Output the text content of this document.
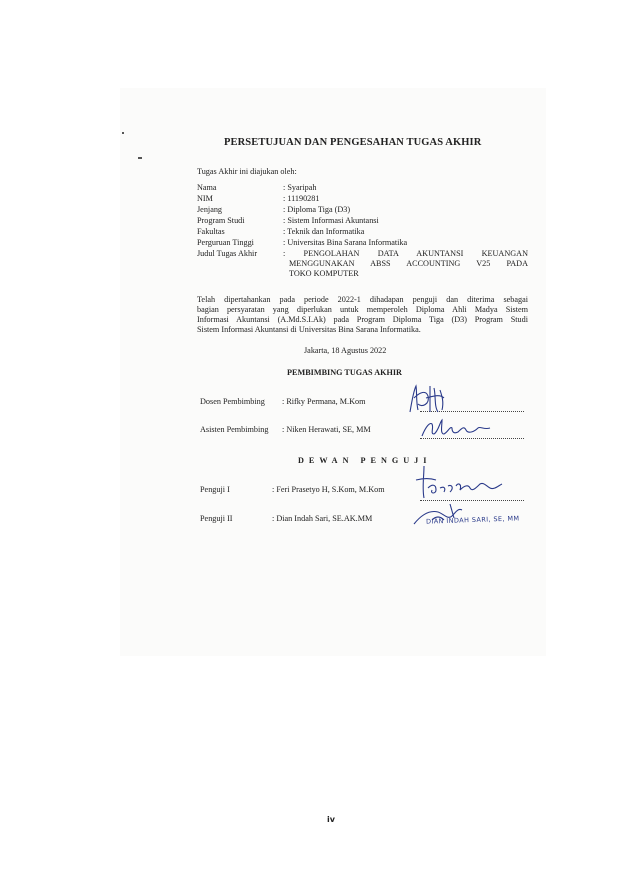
PERSETUJUAN DAN PENGESAHAN TUGAS AKHIR
Tugas Akhir ini diajukan oleh:
Nama	: Syaripah
NIM	: 11190281
Jenjang	: Diploma Tiga (D3)
Program Studi	: Sistem Informasi Akuntansi
Fakultas	: Teknik dan Informatika
Perguruan Tinggi	: Universitas Bina Sarana Informatika
Judul Tugas Akhir	: PENGOLAHAN DATA AKUNTANSI KEUANGAN
MENGGUNAKAN ABSS ACCOUNTING V25 PADA
TOKO KOMPUTER
Telah dipertahankan pada periode 2022-1 dihadapan penguji dan diterima sebagai
bagian persyaratan yang diperlukan untuk memperoleh Diploma Ahli Madya Sistem
Informasi Akuntansi (A.Md.S.I.Ak) pada Program Diploma Tiga (D3) Program Studi
Sistem Informasi Akuntansi di Universitas Bina Sarana Informatika.
Jakarta, 18 Agustus 2022
PEMBIMBING TUGAS AKHIR
Dosen Pembimbing : Rifky Permana, M.Kom
Asisten Pembimbing : Niken Herawati, SE, MM
DEWAN PENGUJI
Penguji I	: Feri Prasetyo H, S.Kom, M.Kom
Penguji II	: Dian Indah Sari, SE.AK.MM	DIAN INDAH SARI, SE, MM
iv
